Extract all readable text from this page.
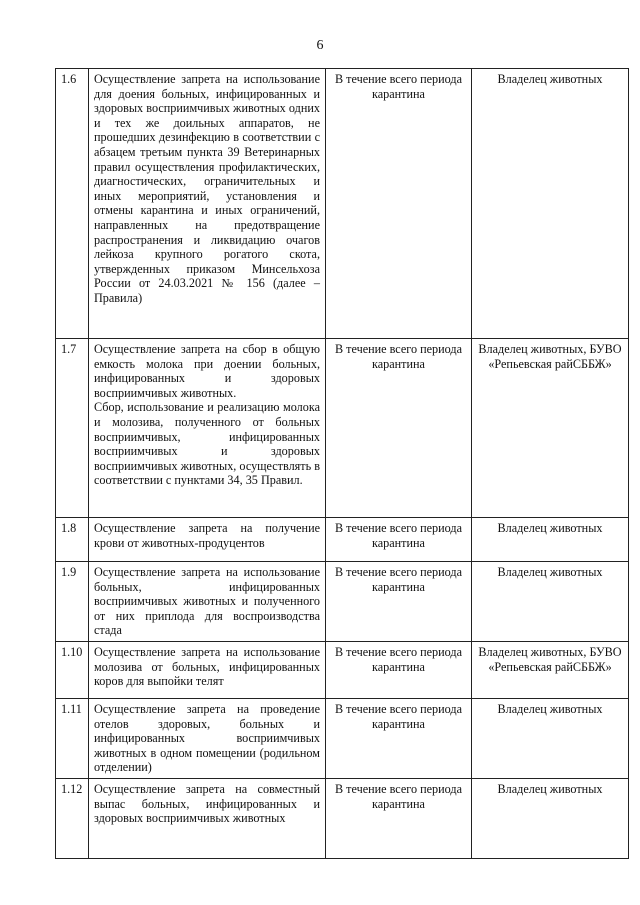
6
1.6	Осуществление запрета на использование для доения больных, инфицированных и здоровых восприимчивых животных одних и тех же доильных аппаратов, не прошедших дезинфекцию в соответствии с абзацем третьим пункта 39 Ветеринарных правил осуществления профилактических, диагностических, ограничительных и иных мероприятий, установления и отмены карантина и иных ограничений, направленных на предотвращение распространения и ликвидацию очагов лейкоза крупного рогатого скота, утвержденных приказом Минсельхоза России от 24.03.2021 № 156 (далее – Правила)	В течение всего периода карантина	Владелец животных
1.7	Осуществление запрета на сбор в общую емкость молока при доении больных, инфицированных и здоровых восприимчивых животных.
Сбор, использование и реализацию молока и молозива, полученного от больных восприимчивых, инфицированных восприимчивых и здоровых восприимчивых животных, осуществлять в соответствии с пунктами 34, 35 Правил.	В течение всего периода карантина	Владелец животных, БУВО «Репьевская райСББЖ»
1.8	Осуществление запрета на получение крови от животных-продуцентов	В течение всего периода карантина	Владелец животных
1.9	Осуществление запрета на использование больных, инфицированных восприимчивых животных и полученного от них приплода для воспроизводства стада	В течение всего периода карантина	Владелец животных
1.10	Осуществление запрета на использование молозива от больных, инфицированных коров для выпойки телят	В течение всего периода карантина	Владелец животных, БУВО «Репьевская райСББЖ»
1.11	Осуществление запрета на проведение отелов здоровых, больных и инфицированных восприимчивых животных в одном помещении (родильном отделении)	В течение всего периода карантина	Владелец животных
1.12	Осуществление запрета на совместный выпас больных, инфицированных и здоровых восприимчивых животных	В течение всего периода карантина	Владелец животных
